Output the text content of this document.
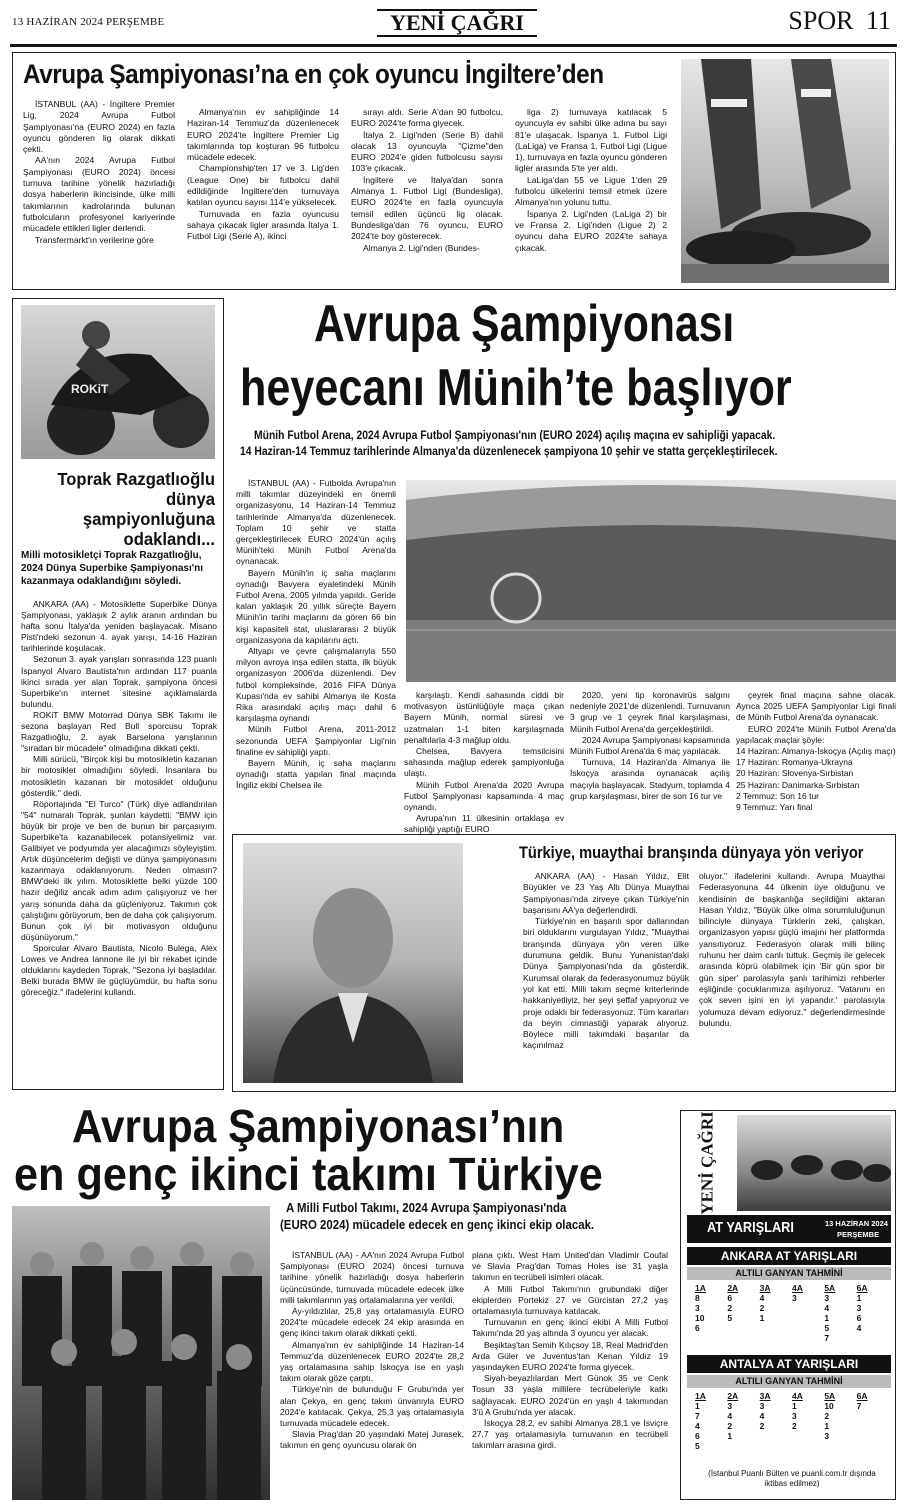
13 HAZİRAN 2024 PERŞEMBE	YENİ ÇAĞRI	SPOR 11
Avrupa Şampiyonası’na en çok oyuncu İngiltere’den

İSTANBUL (AA) - İngiltere Premier Lig, 2024 Avrupa Futbol Şampiyonası'na (EURO 2024) en fazla oyuncu gönderen lig olarak dikkati çekti.

AA'nın 2024 Avrupa Futbol Şampiyonası (EURO 2024) öncesi turnuva tarihine yönelik hazırladığı dosya haberlerin ikincisinde, ülke milli takımlarının kadrolarında bulunan futbolcuların profesyonel kariyerinde mücadele ettikleri ligler derlendi.

Transfermarkt'ın verilerine göre

Almanya'nın ev sahipliğinde 14 Haziran-14 Temmuz'da düzenlenecek EURO 2024'te İngiltere Premier Lig takımlarında top koşturan 96 futbolcu mücadele edecek.

Championship'ten 17 ve 3. Lig'den (League One) bir futbolcu dahil edildiğinde İngiltere'den turnuvaya katılan oyuncu sayısı 114'e yükselecek.

Turnuvada en fazla oyuncusu sahaya çıkacak ligler arasında İtalya 1. Futbol Ligi (Serie A), ikinci

sırayı aldı. Serie A'dan 90 futbolcu, EURO 2024'te forma giyecek.

İtalya 2. Ligi'nden (Serie B) dahil olacak 13 oyuncuyla "Çizme"den EURO 2024'e giden futbolcusu sayısı 103'e çıkacak.

İngiltere ve İtalya'dan sonra Almanya 1. Futbol Ligi (Bundesliga), EURO 2024'te en fazla oyuncuyla temsil edilen üçüncü lig olacak. Bundesliga'dan 76 oyuncu, EURO 2024'te boy gösterecek.

Almanya 2. Ligi'nden (Bundes-

liga 2) turnuvaya katılacak 5 oyuncuyla ev sahibi ülke adına bu sayı 81'e ulaşacak. İspanya 1. Futbol Ligi (LaLiga) ve Fransa 1. Futbol Ligi (Ligue 1), turnuvaya en fazla oyuncu gönderen ligler arasında 5'te yer aldı.

LaLiga'dan 55 ve Ligue 1'den 29 futbolcu ülkelerini temsil etmek üzere Almanya'nın yolunu tuttu.

İspanya 2. Ligi'nden (LaLiga 2) bir ve Fransa 2. Ligi'nden (Ligue 2) 2 oyuncu daha EURO 2024'te sahaya çıkacak.

ROKiT
Toprak Razgatlıoğlu dünya şampiyonluğuna odaklandı...
Milli motosikletçi Toprak Razgatlıoğlu, 2024 Dünya Superbike Şampiyonası'nı kazanmaya odaklandığını söyledi.

ANKARA (AA) - Motosiklette Superbike Dünya Şampiyonası, yaklaşık 2 aylık aranın ardından bu hafta sonu İtalya'da yeniden başlayacak. Misano Pisti'ndeki sezonun 4. ayak yarışı, 14-16 Haziran tarihlerinde koşulacak.

Sezonun 3. ayak yarışları sonrasında 123 puanlı İspanyol Alvaro Bautista'nın ardından 117 puanla ikinci sırada yer alan Toprak, şampiyona öncesi Superbike'ın internet sitesine açıklamalarda bulundu.

ROKiT BMW Motorrad Dünya SBK Takımı ile sezona başlayan Red Bull sporcusu Toprak Razgatlıoğlu, 2. ayak Barselona yarışlarının "sıradan bir mücadele" olmadığına dikkati çekti.

Milli sürücü, "Birçok kişi bu motosikletin kazanan bir motosiklet olmadığını söyledi. İnsanlara bu motosikletin kazanan bir motosiklet olduğunu gösterdik." dedi.

Röportajında "El Turco" (Türk) diye adlandırılan "54" numaralı Toprak, şunları kaydetti: "BMW için büyük bir proje ve ben de bunun bir parçasıyım. Superbike'ta kazanabilecek potansiyelimiz var. Galibiyet ve podyumda yer alacağımızı söyleyiştim. Artık düşüncelerim değişti ve dünya şampiyonasını kazanmaya odaklanıyorum. Neden olmasın? BMW'deki ilk yılım. Motosiklette belki yüzde 100 hazır değiliz ancak adım adım çalışıyoruz ve her yarış sonunda daha da güçleniyoruz. Takımın çok çalıştığını görüyorum, ben de daha çok çalışıyorum. Bunun çok iyi bir motivasyon olduğunu düşünüyorum."

Sporcular Alvaro Bautista, Nicolo Bulega, Alex Lowes ve Andrea Iannone ile iyi bir rekabet içinde olduklarını kaydeden Toprak, "Sezona iyi başladılar. Belki burada BMW ile güçlüyümdür, bu hafta sonu göreceğiz." ifadelerini kullandı.

Avrupa Şampiyonası
heyecanı Münih’te başlıyor
Münih Futbol Arena, 2024 Avrupa Futbol Şampiyonası'nın (EURO 2024) açılış maçına ev sahipliği yapacak.
14 Haziran-14 Temmuz tarihlerinde Almanya'da düzenlenecek şampiyona 10 şehir ve statta gerçekleştirilecek.

İSTANBUL (AA) - Futbolda Avrupa'nın milli takımlar düzeyindeki en önemli organizasyonu, 14 Haziran-14 Temmuz tarihlerinde Almanya'da düzenlenecek. Toplam 10 şehir ve statta gerçekleştirilecek EURO 2024'ün açılış Münih'teki Münih Futbol Arena'da oynanacak.

Bayern Münih'in iç saha maçlarını oynadığı Bavyera eyaletindeki Münih Futbol Arena, 2005 yılında yapıldı. Geride kalan yaklaşık 20 yıllık süreçte Bayern Münih'in tarihi maçlarını da gören 66 bin kişi kapasiteli stat, uluslararası 2 büyük organizasyona da kapılarını açtı.

Altyapı ve çevre çalışmalarıyla 550 milyon avroya inşa edilen statta, ilk büyük organizasyon 2006'da düzenlendi. Dev futbol kompleksinde, 2016 FIFA Dünya Kupası'nda ev sahibi Almanya ile Kosta Rika arasındaki açılış maçı dahil 6 karşılaşma oynandı

Münih Futbol Arena, 2011-2012 sezonunda UEFA Şampiyonlar Ligi'nin finaline ev sahipliği yaptı.

Bayern Münih, iç saha maçlarını oynadığı statta yapılan final maçında İngiliz ekibi Chelsea ile

karşılaştı. Kendi sahasında ciddi bir motivasyon üstünlüğüyle maça çıkan Bayern Münih, normal süresi ve uzatmaları 1-1 biten karşılaşmada penaltılarla 4-3 mağlup oldu.

Chelsea, Bavyera temsilcisini sahasında mağlup ederek şampiyonluğa ulaştı.

Münih Futbol Arena'da 2020 Avrupa Futbol Şampiyonası kapsamında 4 maç oynandı.

Avrupa'nın 11 ülkesinin ortaklaşa ev sahipliği yaptığı EURO

2020, yeni tip koronavirüs salgını nedeniyle 2021'de düzenlendi. Turnuvanın 3 grup ve 1 çeyrek final karşılaşması, Münih Futbol Arena'da gerçekleştirildi.

2024 Avrupa Şampiyonası kapsamında Münih Futbol Arena'da 6 maç yapılacak.

Turnuva, 14 Haziran'da Almanya ile İskoçya arasında oynanacak açılış maçıyla başlayacak. Stadyum, toplamda 4 grup karşılaşması, birer de son 16 tur ve

çeyrek final maçına sahne olacak. Ayrıca 2025 UEFA Şampiyonlar Ligi finali de Münih Futbol Arena'da oynanacak.

EURO 2024'te Münih Futbol Arena'da yapılacak maçlar şöyle:

14 Haziran: Almanya-İskoçya (Açılış maçı)

17 Haziran: Romanya-Ukrayna

20 Haziran: Slovenya-Sırbistan

25 Haziran: Danimarka-Sırbistan

2 Temmuz: Son 16 tur

9 Temmuz: Yarı final

Türkiye, muaythai branşında dünyaya yön veriyor

ANKARA (AA) - Hasan Yıldız, Elit Büyükler ve 23 Yaş Altı Dünya Muaythai Şampiyonası'nda zirveye çıkan Türkiye'nin başarısını AA'ya değerlendirdi.

Türkiye'nin en başarılı spor dallarından biri olduklarını vurgulayan Yıldız, "Muaythai branşında dünyaya yön veren ülke durumuna geldik. Bunu Yunanistan'daki Dünya Şampiyonası'nda da gösterdik. Kurumsal olarak da federasyonumuz büyük yol kat etti. Milli takım seçme kriterlerinde hakkaniyetliyiz, her şeyi şeffaf yapıyoruz ve proje odaklı bir federasyonuz. Tüm kararları da beyin cimnastiği yaparak alıyoruz. Böylece milli takımdaki başarılar da kaçınılmaz

oluyor." ifadelerini kullandı. Avrupa Muaythai Federasyonuna 44 ülkenin üye olduğunu ve kendisinin de başkanlığa seçildiğini aktaran Hasan Yıldız, "Büyük ülke olma sorumluluğunun bilinciyle dünyaya Türklerin zeki, çalışkan, organizasyon yapısı güçlü imajını her platformda yansıtıyoruz. Federasyon olarak milli bilinç ruhunu her daim canlı tuttuk. Geçmiş ile gelecek arasında köprü olabilmek için 'Bir gün spor bir gün siper' parolasıyla şanlı tarihimizi rehberler eşliğinde çocuklarımıza aşılıyoruz. 'Vatanını en çok seven işini en iyi yapandır.' parolasıyla yolumuza devam ediyoruz." değerlendirmesinde bulundu.

Avrupa Şampiyonası’nın
en genç ikinci takımı Türkiye
A Milli Futbol Takımı, 2024 Avrupa Şampiyonası'nda
(EURO 2024) mücadele edecek en genç ikinci ekip olacak.

İSTANBUL (AA) - AA'nın 2024 Avrupa Futbol Şampiyonası (EURO 2024) öncesi turnuva tarihine yönelik hazırladığı dosya haberlerin üçüncüsünde, turnuvada mücadele edecek ülke milli takımlarının yaş ortalamalarına yer verildi.

Ay-yıldızlılar, 25,8 yaş ortalamasıyla EURO 2024'te mücadele edecek 24 ekip arasında en genç ikinci takım olarak dikkati çekti.

Almanya'nın ev sahipliğinde 14 Haziran-14 Temmuz'da düzenlenecek EURO 2024'te 28,2 yaş ortalamasına sahip İskoçya ise en yaşlı takım olarak göze çarptı.

Türkiye'nin de bulunduğu F Grubu'nda yer alan Çekya, en genç takım ünvanıyla EURO 2024'e katılacak. Çekya, 25,3 yaş ortalamasıyla turnuvada mücadele edecek.

Slavia Prag'dan 20 yaşındaki Matej Jurasek, takımın en genç oyuncusu olarak ön

plana çıktı. West Ham United'dan Vladimir Coufal ve Slavia Prag'dan Tomas Holes ise 31 yaşla takımın en tecrübeli isimleri olacak.

A Milli Futbol Takımı'nın grubundaki diğer ekiplerden Portekiz 27 ve Gürcistan 27,2 yaş ortalamasıyla turnuvaya katılacak.

Turnuvanın en genç ikinci ekibi A Milli Futbol Takımı'nda 20 yaş altında 3 oyuncu yer alacak.

Beşiktaş'tan Semih Kılıçsoy 18, Real Madrid'den Arda Güler ve Juventus'tan Kenan Yıldız 19 yaşındayken EURO 2024'te forma giyecek.

Siyah-beyazlılardan Mert Günok 35 ve Cenk Tosun 33 yaşla millilere tecrübeleriyle katkı sağlayacak. EURO 2024'ün en yaşlı 4 takımından 3'ü A Grubu'nda yer alacak.

İskoçya 28,2, ev sahibi Almanya 28,1 ve İsviçre 27,7 yaş ortalamasıyla turnuvanın en tecrübeli takımları arasına girdi.

YENİ ÇAĞRI
AT YARIŞLARI	13 HAZİRAN 2024
PERŞEMBE
ANKARA AT YARIŞLARI
ALTILI GANYAN TAHMİNİ
1A	2A	3A	4A	5A	6A
8	6	4	3	3	1
3	2	2		4	3
10	5	1		1	6
6				5	4
				7	
ANTALYA AT YARIŞLARI
ALTILI GANYAN TAHMİNİ
1A	2A	3A	4A	5A	6A
1	3	3	1	10	7
7	4	4	3	2	
4	2	2	2	1	
6	1			3	
5					
(İstanbul Puanlı Bülten ve puanli.com.tr dışında iktibas edilmez)
